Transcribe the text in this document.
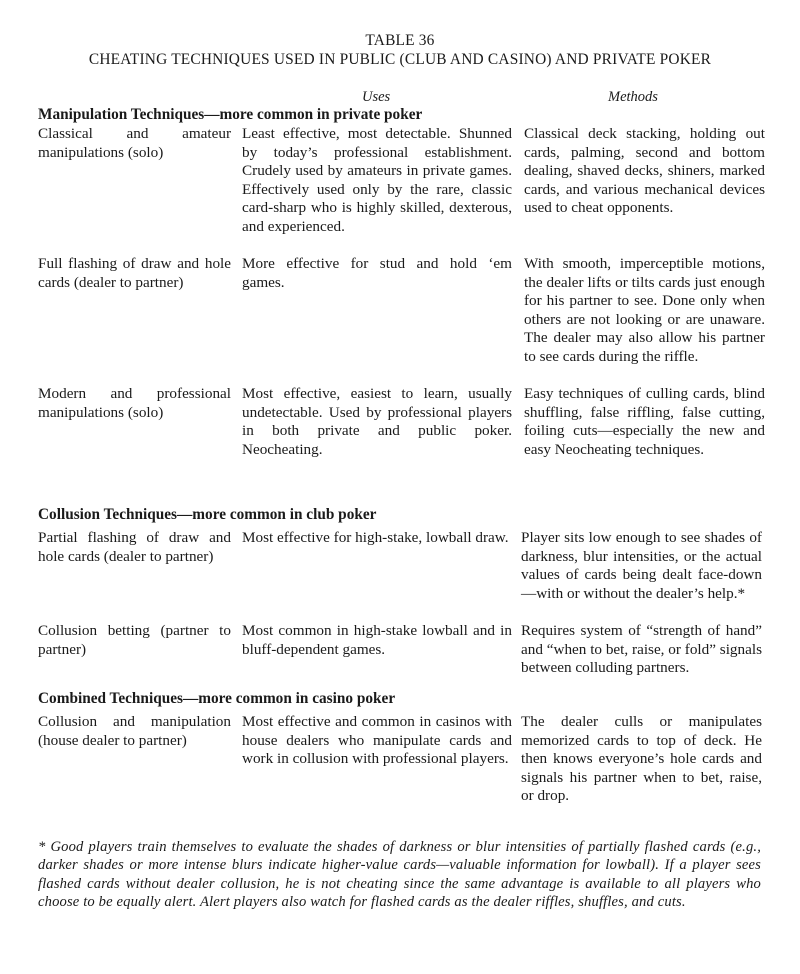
TABLE 36
CHEATING TECHNIQUES USED IN PUBLIC (CLUB AND CASINO) AND PRIVATE POKER
Uses	Methods
Manipulation Techniques—more common in private poker
Classical and amateur manipulations (solo)
Least effective, most detectable. Shunned by today’s professional establishment. Crudely used by amateurs in private games. Effectively used only by the rare, classic card-sharp who is highly skilled, dexterous, and experienced.
Classical deck stacking, holding out cards, palming, second and bottom dealing, shaved decks, shiners, marked cards, and various mechanical devices used to cheat opponents.
Full flashing of draw and hole cards (dealer to partner)
More effective for stud and hold ‘em games.
With smooth, imperceptible motions, the dealer lifts or tilts cards just enough for his partner to see. Done only when others are not looking or are unaware. The dealer may also allow his partner to see cards during the riffle.
Modern and professional manipulations (solo)
Most effective, easiest to learn, usually undetectable. Used by professional players in both private and public poker. Neocheating.
Easy techniques of culling cards, blind shuffling, false riffling, false cutting, foiling cuts—especially the new and easy Neocheating techniques.
Collusion Techniques—more common in club poker
Partial flashing of draw and hole cards (dealer to partner)
Most effective for high-stake, lowball draw. Player sits low enough to see shades of darkness, blur intensities, or the actual values of cards being dealt face-down—with or without the dealer’s help.*
Collusion betting (partner to partner)
Most common in high-stake lowball and in bluff-dependent games.
Requires system of “strength of hand” and “when to bet, raise, or fold” signals between colluding partners.
Combined Techniques—more common in casino poker
Collusion and manipulation (house dealer to partner)
Most effective and common in casinos with house dealers who manipulate cards and work in collusion with professional players.
The dealer culls or manipulates memorized cards to top of deck. He then knows everyone’s hole cards and signals his partner when to bet, raise, or drop.
* Good players train themselves to evaluate the shades of darkness or blur intensities of partially flashed cards (e.g., darker shades or more intense blurs indicate higher-value cards—valuable information for lowball). If a player sees flashed cards without dealer collusion, he is not cheating since the same advantage is available to all players who choose to be equally alert. Alert players also watch for flashed cards as the dealer riffles, shuffles, and cuts.
